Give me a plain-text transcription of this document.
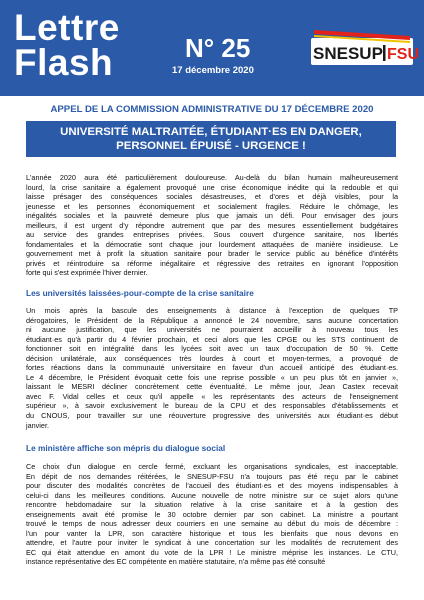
Lettre
Flash	N° 25
17 décembre 2020
SNESUP FSU
APPEL DE LA COMMISSION ADMINISTRATIVE DU 17 DÉCEMBRE 2020
UNIVERSITÉ MALTRAITÉE, ÉTUDIANT·ES EN DANGER,
PERSONNEL ÉPUISÉ - URGENCE !
L'année 2020 aura été particulièrement douloureuse. Au-delà du bilan humain malheureusement
lourd, la crise sanitaire a également provoqué une crise économique inédite qui la redouble et qui
laisse présager des conséquences sociales désastreuses, et d'ores et déjà visibles, pour la
jeunesse et les personnes économiquement et socialement fragiles. Réduire le chômage, les
inégalités sociales et la pauvreté demeure plus que jamais un défi. Pour envisager des jours
meilleurs, il est urgent d'y répondre autrement que par des mesures essentiellement budgétaires
au service des grandes entreprises privées. Sous couvert d'urgence sanitaire, nos libertés
fondamentales et la démocratie sont chaque jour lourdement attaquées de manière insidieuse. Le
gouvernement met à profit la situation sanitaire pour brader le service public au bénéfice d'intérêts
privés et réintroduire sa réforme inégalitaire et régressive des retraites en ignorant l'opposition
forte qui s'est exprimée l'hiver dernier.
Les universités laissées-pour-compte de la crise sanitaire
Un mois après la bascule des enseignements à distance à l'exception de quelques TP
dérogatoires, le Président de la République a annoncé le 24 novembre, sans aucune concertation
ni aucune justification, que les universités ne pourraient accueillir à nouveau tous les
étudiant·es qu'à partir du 4 février prochain, et ceci alors que les CPGE ou les STS continuent de
fonctionner soit en intégralité dans les lycées soit avec un taux d'occupation de 50 %. Cette
décision unilatérale, aux conséquences très lourdes à court et moyen-termes, a provoqué de
fortes réactions dans la communauté universitaire en faveur d'un accueil anticipé des étudiant·es.
Le 4 décembre, le Président évoquait cette fois une reprise possible « un peu plus tôt en janvier »,
laissant le MESRI décliner concrètement cette éventualité. Le même jour, Jean Castex recevait
avec F. Vidal celles et ceux qu'il appelle « les représentants des acteurs de l'enseignement
supérieur », à savoir exclusivement le bureau de la CPU et des responsables d'établissements et
du CNOUS, pour travailler sur une réouverture progressive des universités aux étudiant·es début
janvier.
Le ministère affiche son mépris du dialogue social
Ce choix d'un dialogue en cercle fermé, excluant les organisations syndicales, est inacceptable.
En dépit de nos demandes réitérées, le SNESUP-FSU n'a toujours pas été reçu par le cabinet
pour discuter des modalités concrètes de l'accueil des étudiant·es et des moyens indispensables à
celui-ci dans les meilleures conditions. Aucune nouvelle de notre ministre sur ce sujet alors qu'une
rencontre hebdomadaire sur la situation relative à la crise sanitaire et à la gestion des
enseignements avait été promise le 30 octobre dernier par son cabinet. La ministre a pourtant
trouvé le temps de nous adresser deux courriers en une semaine au début du mois de décembre :
l'un pour vanter la LPR, son caractère historique et tous les bienfaits que nous devons en
attendre, et l'autre pour inviter le syndicat à une concertation sur les modalités de recrutement des
EC qui était attendue en amont du vote de la LPR ! Le ministre méprise les instances. Le CTU,
instance représentative des EC compétente en matière statutaire, n'a même pas été consulté
